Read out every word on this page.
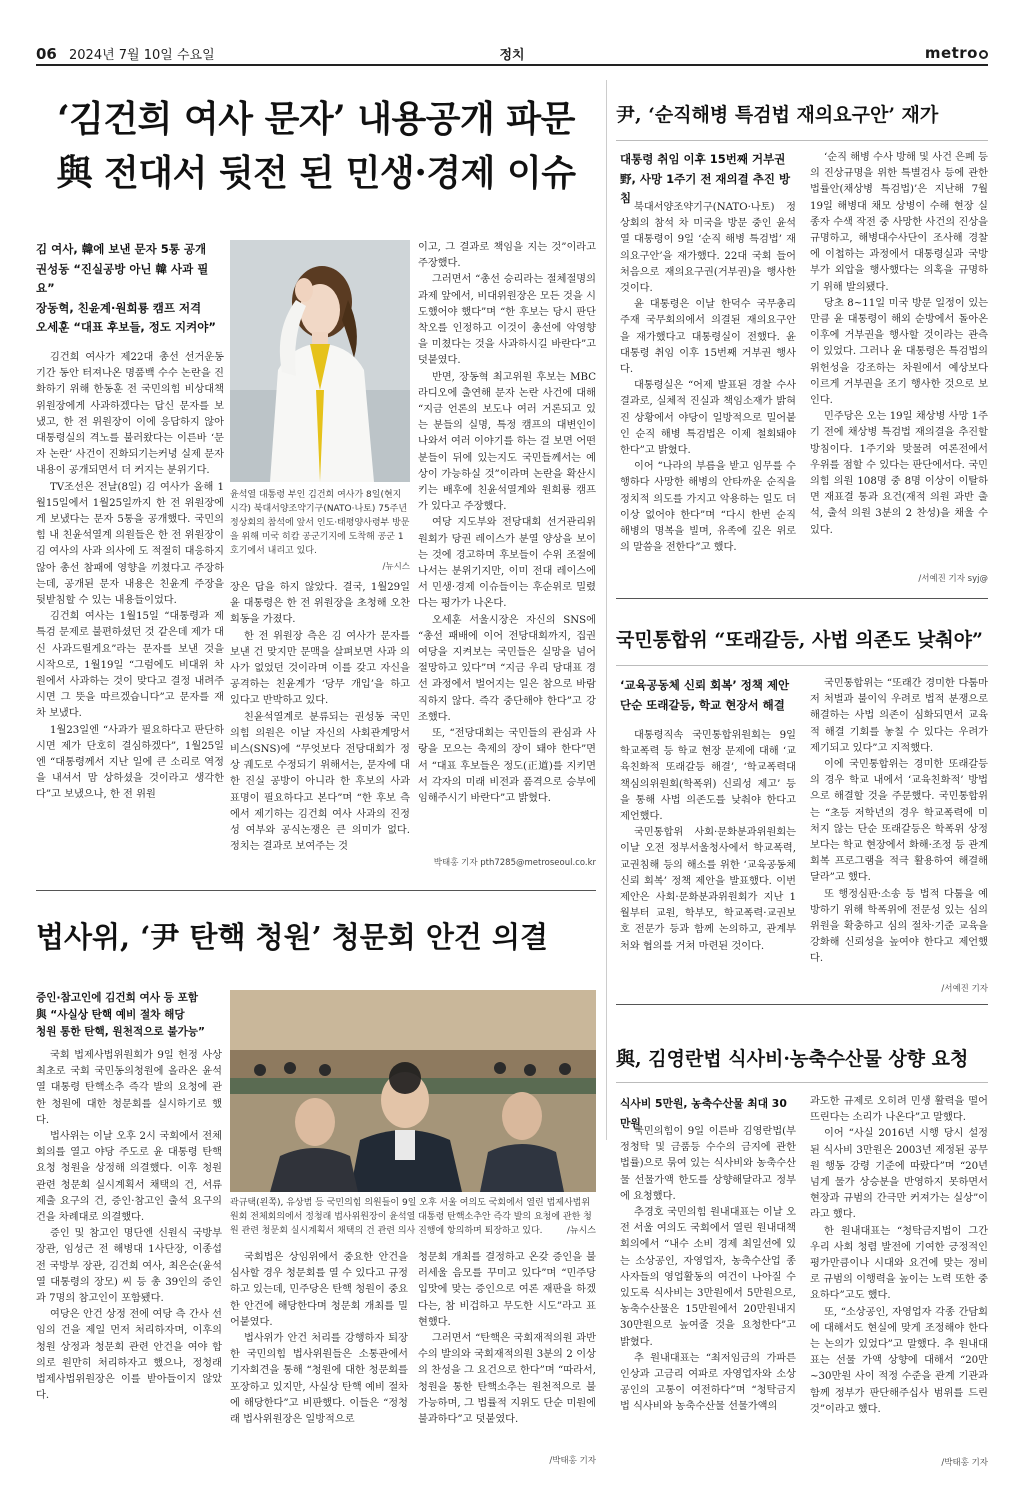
06 2024년 7월 10일 수요일	정치	metro
‘김건희 여사 문자’ 내용공개 파문
與 전대서 뒷전 된 민생·경제 이슈
김 여사, 韓에 보낸 문자 5통 공개
권성동 “진실공방 아닌 韓 사과 필요”
장동혁, 친윤계·원희룡 캠프 저격
오세훈 “대표 후보들, 정도 지켜야”

김건희 여사가 제22대 총선 선거운동 기간 동안 터져나온 명품백 수수 논란을 진화하기 위해 한동훈 전 국민의힘 비상대책위원장에게 사과하겠다는 답신 문자를 보냈고, 한 전 위원장이 이에 응답하지 않아 대통령실의 격노를 불러왔다는 이른바 ‘문자 논란’ 사건이 진화되기는커녕 실제 문자 내용이 공개되면서 더 커지는 분위기다.

TV조선은 전날(8일) 김 여사가 올해 1월15일에서 1월25일까지 한 전 위원장에게 보냈다는 문자 5통을 공개했다. 국민의힘 내 친윤석열계 의원들은 한 전 위원장이 김 여사의 사과 의사에 도 적절히 대응하지 않아 총선 참패에 영향을 끼쳤다고 주장하는데, 공개된 문자 내용은 친윤계 주장을 뒷받침할 수 있는 내용들이었다.

김건희 여사는 1월15일 “대통령과 제 특검 문제로 불편하셨던 것 같은데 제가 대신 사과드릴게요”라는 문자를 보낸 것을 시작으로, 1월19일 “그럼에도 비대위 차원에서 사과하는 것이 맞다고 결정 내려주시면 그 뜻을 따르겠습니다”고 문자를 재차 보냈다.

1월23일엔 “사과가 필요하다고 판단하시면 제가 단호히 결심하겠다”, 1월25일엔 “대통령께서 지난 일에 큰 소리로 역정을 내셔서 맘 상하셨을 것이라고 생각한다”고 보냈으나, 한 전 위원

윤석열 대통령 부인 김건희 여사가 8일(현지시각) 북대서양조약기구(NATO·나토) 75주년 정상회의 참석에 앞서 인도·태평양사령부 방문을 위해 미국 히캄 공군기지에 도착해 공군 1호기에서 내리고 있다.
/뉴시스

장은 답을 하지 않았다. 결국, 1월29일 윤 대통령은 한 전 위원장을 초청해 오찬회동을 가졌다.

한 전 위원장 측은 김 여사가 문자를 보낸 건 맞지만 문맥을 살펴보면 사과 의사가 없었던 것이라며 이를 갖고 자신을 공격하는 친윤계가 ‘당무 개입’을 하고 있다고 반박하고 있다.

친윤석열계로 분류되는 권성동 국민의힘 의원은 이날 자신의 사회관계망서비스(SNS)에 “무엇보다 전당대회가 정상 궤도로 수정되기 위해서는, 문자에 대한 진실 공방이 아니라 한 후보의 사과 표명이 필요하다고 본다”며 “한 후보 측에서 제기하는 김건희 여사 사과의 진정성 여부와 공식논쟁은 큰 의미가 없다. 정치는 결과로 보여주는 것

이고, 그 결과로 책임을 지는 것”이라고 주장했다.

그러면서 “총선 승리라는 절체절명의 과제 앞에서, 비대위원장은 모든 것을 시도했어야 했다”며 “한 후보는 당시 판단 착오를 인정하고 이것이 총선에 악영향을 미쳤다는 것을 사과하시길 바란다”고 덧붙였다.

반면, 장동혁 최고위원 후보는 MBC 라디오에 출연해 문자 논란 사건에 대해 “지금 언론의 보도나 여러 거론되고 있는 분들의 실명, 특정 캠프의 대변인이 나와서 여러 이야기를 하는 걸 보면 어떤 분들이 뒤에 있는지도 국민들께서는 예상이 가능하실 것”이라며 논란을 확산시키는 배후에 친윤석열계와 원희룡 캠프가 있다고 주장했다.

여당 지도부와 전당대회 선거관리위원회가 당권 레이스가 분열 양상을 보이는 것에 경고하며 후보들이 수위 조절에 나서는 분위기지만, 이미 전대 레이스에서 민생·경제 이슈들이는 후순위로 밀렸다는 평가가 나온다.

오세훈 서울시장은 자신의 SNS에 “총선 패배에 이어 전당대회까지, 집권 여당을 지켜보는 국민들은 실망을 넘어 절망하고 있다”며 “지금 우리 당대표 경선 과정에서 벌어지는 일은 참으로 바람직하지 않다. 즉각 중단해야 한다”고 강조했다.

또, “전당대회는 국민들의 관심과 사랑을 모으는 축제의 장이 돼야 한다”면서 “대표 후보들은 정도(正道)를 지키면서 각자의 미래 비전과 품격으로 승부에 임해주시기 바란다”고 밝혔다.

박태홍 기자 pth7285@metroseoul.co.kr
尹, ‘순직해병 특검법 재의요구안’ 재가
대통령 취임 이후 15번째 거부권
野, 사망 1주기 전 재의결 추진 방침

북대서양조약기구(NATO·나토) 정상회의 참석 차 미국을 방문 중인 윤석열 대통령이 9일 ‘순직 해병 특검법’ 재의요구안’을 재가했다. 22대 국회 들어 처음으로 재의요구권(거부권)을 행사한 것이다.

윤 대통령은 이날 한덕수 국무총리 주재 국무회의에서 의결된 재의요구안을 재가했다고 대통령실이 전했다. 윤 대통령 취임 이후 15번째 거부권 행사다.

대통령실은 “어제 발표된 경찰 수사 결과로, 실체적 진실과 책임소재가 밝혀진 상황에서 야당이 일방적으로 밀어붙인 순직 해병 특검법은 이제 철회돼야 한다”고 밝혔다.

이어 “나라의 부름을 받고 임무를 수행하다 사망한 해병의 안타까운 순직을 정치적 의도를 가지고 악용하는 일도 더 이상 없어야 한다”며 “다시 한번 순직 해병의 명복을 빌며, 유족에 깊은 위로의 말씀을 전한다”고 했다.

‘순직 해병 수사 방해 및 사건 은폐 등의 진상규명을 위한 특별검사 등에 관한 법률안(채상병 특검법)’은 지난해 7월19일 해병대 채모 상병이 수해 현장 실종자 수색 작전 중 사망한 사건의 진상을 규명하고, 해병대수사단이 조사해 경찰에 이첩하는 과정에서 대통령실과 국방부가 외압을 행사했다는 의혹을 규명하기 위해 발의됐다.

당초 8~11일 미국 방문 일정이 있는 만큼 윤 대통령이 해외 순방에서 돌아온 이후에 거부권을 행사할 것이라는 관측이 있었다. 그러나 윤 대통령은 특검법의 위헌성을 강조하는 차원에서 예상보다 이르게 거부권을 조기 행사한 것으로 보인다.

민주당은 오는 19일 채상병 사망 1주기 전에 채상병 특검법 재의결을 추진할 방침이다. 1주기와 맞물려 여론전에서 우위를 점할 수 있다는 판단에서다. 국민의힘 의원 108명 중 8명 이상이 이탈하면 재표결 통과 요건(재적 의원 과반 출석, 출석 의원 3분의 2 찬성)을 채울 수 있다.

/서예진 기자 syj@
국민통합위 “또래갈등, 사법 의존도 낮춰야”
‘교육공동체 신뢰 회복’ 정책 제안
단순 또래갈등, 학교 현장서 해결

대통령직속 국민통합위원회는 9일 학교폭력 등 학교 현장 문제에 대해 ‘교육친화적 또래갈등 해결’, ‘학교폭력대책심의위원회(학폭위) 신뢰성 제고’ 등을 통해 사법 의존도를 낮춰야 한다고 제언했다.

국민통합위 사회·문화분과위원회는 이날 오전 정부서울청사에서 학교폭력, 교권침해 등의 해소를 위한 ‘교육공동체 신뢰 회복’ 정책 제안을 발표했다. 이번 제안은 사회·문화분과위원회가 지난 1월부터 교원, 학부모, 학교폭력·교권보호 전문가 등과 함께 논의하고, 관계부처와 협의를 거쳐 마련된 것이다.

국민통합위는 “또래간 경미한 다툼마저 처벌과 불이익 우려로 법적 분쟁으로 해결하는 사법 의존이 심화되면서 교육적 해결 기회를 놓칠 수 있다는 우려가 제기되고 있다”고 지적했다.

이에 국민통합위는 경미한 또래갈등의 경우 학교 내에서 ‘교육친화적’ 방법으로 해결할 것을 주문했다. 국민통합위는 “초등 저학년의 경우 학교폭력에 미처지 않는 단순 또래갈등은 학폭위 상정보다는 학교 현장에서 화해·조정 등 관계회복 프로그램을 적극 활용하여 해결해달라”고 했다.

또 행정심판·소송 등 법적 다툼을 예방하기 위해 학폭위에 전문성 있는 심의위원을 확충하고 심의 절차·기준 교육을 강화해 신뢰성을 높여야 한다고 제언했다.

/서예진 기자
법사위, ‘尹 탄핵 청원’ 청문회 안건 의결
증인·참고인에 김건희 여사 등 포함
與 “사실상 탄핵 예비 절차 해당
청원 통한 탄핵, 원천적으로 불가능”

국회 법제사법위원회가 9일 헌정 사상 최초로 국회 국민동의청원에 올라온 윤석열 대통령 탄핵소추 즉각 발의 요청에 관한 청원에 대한 청문회를 실시하기로 했다.

법사위는 이날 오후 2시 국회에서 전체회의를 열고 야당 주도로 윤 대통령 탄핵 요청 청원을 상정해 의결했다. 이후 청원 관련 청문회 실시계획서 채택의 건, 서류 제출 요구의 건, 증인·참고인 출석 요구의 건을 차례대로 의결했다.

증인 및 참고인 명단엔 신원식 국방부 장관, 임성근 전 해병대 1사단장, 이종섭 전 국방부 장관, 김건희 여사, 최은순(윤석열 대통령의 장모) 씨 등 총 39인의 증인과 7명의 참고인이 포함됐다.

여당은 안건 상정 전에 여당 측 간사 선임의 건을 제일 먼저 처리하자며, 이후의 청원 상정과 청문회 관련 안건을 여야 합의로 원만히 처리하자고 했으나, 정청래 법제사법위원장은 이를 받아들이지 않았다.

곽규택(왼쪽), 유상범 등 국민의힘 의원들이 9일 오후 서울 여의도 국회에서 열린 법제사법위원회 전체회의에서 정청래 법사위원장이 윤석열 대통령 탄핵소추안 즉각 발의 요청에 관한 청원 관련 청문회 실시계획서 채택의 건 관련 의사 진행에 항의하며 퇴장하고 있다.	/뉴시스

국회법은 상임위에서 중요한 안건을 심사할 경우 청문회를 열 수 있다고 규정하고 있는데, 민주당은 탄핵 청원이 중요한 안건에 해당한다며 청문회 개최를 밀어붙였다.

법사위가 안건 처리를 강행하자 퇴장한 국민의힘 법사위원들은 소통관에서 기자회견을 통해 “청원에 대한 청문회를 포장하고 있지만, 사실상 탄핵 예비 절차에 해당한다”고 비판했다. 이들은 “정청래 법사위원장은 일방적으로

청문회 개최를 결정하고 온갖 증인을 불러세울 음모를 꾸미고 있다”며 “민주당 입맛에 맞는 증인으로 여론 재판을 하겠다는, 참 비겁하고 무도한 시도”라고 표현했다.

그러면서 “탄핵은 국회재적의원 과반수의 발의와 국회재적의원 3분의 2 이상의 찬성을 그 요건으로 한다”며 “따라서, 청원을 통한 탄핵소추는 원천적으로 불가능하며, 그 법률적 지위도 단순 미원에 불과하다”고 덧붙였다.

/박태홍 기자
與, 김영란법 식사비·농축수산물 상향 요청
식사비 5만원, 농축수산물 최대 30만원

국민의힘이 9일 이른바 김영란법(부정청탁 및 금품등 수수의 금지에 관한 법률)으로 묶여 있는 식사비와 농축수산물 선물가액 한도를 상향해달라고 정부에 요청했다.

추경호 국민의힘 원내대표는 이날 오전 서울 여의도 국회에서 열린 원내대책회의에서 “내수 소비 경제 최일선에 있는 소상공인, 자영업자, 농축수산업 종사자들의 영업활동의 여건이 나아질 수 있도록 식사비는 3만원에서 5만원으로, 농축수산물은 15만원에서 20만원내지 30만원으로 높여줄 것을 요청한다”고 밝혔다.

추 원내대표는 “최저임금의 가파른 인상과 고금리 여파로 자영업자와 소상공인의 고통이 여전하다”며 “청탁금지법 식사비와 농축수산물 선물가액의

과도한 규제로 오히려 민생 활력을 떨어뜨린다는 소리가 나온다”고 말했다.

이어 “사실 2016년 시행 당시 설정된 식사비 3만원은 2003년 제정된 공무원 행동 강령 기준에 따랐다”며 “20년 넘게 물가 상승분을 반영하지 못하면서 현장과 규범의 간극만 커져가는 실상”이라고 했다.

한 원내대표는 “청탁금지법이 그간 우리 사회 청렴 발전에 기여한 긍정적인 평가만큼이나 시대와 요건에 맞는 정비로 규범의 이행력을 높이는 노력 또한 중요하다”고도 했다.

또, “소상공인, 자영업자 각종 간담회에 대해서도 현실에 맞게 조정해야 한다는 논의가 있었다”고 말했다. 추 원내대표는 선물 가액 상향에 대해서 “20만~30만원 사이 적정 수준을 관계 기관과 함께 정부가 판단해주십사 범위를 드린 것”이라고 했다.

/박태홍 기자
